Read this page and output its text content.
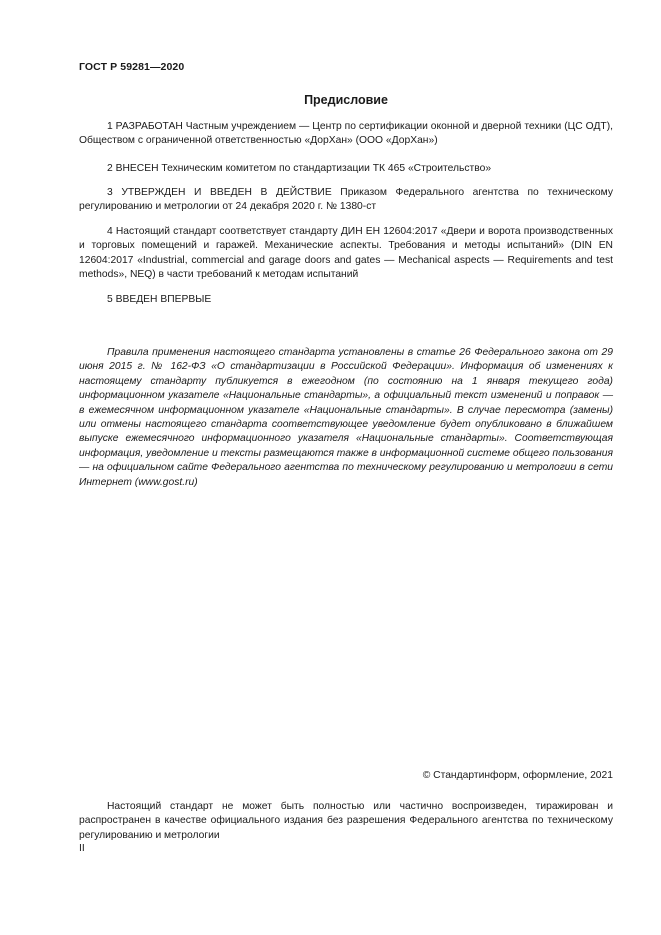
ГОСТ Р 59281—2020
Предисловие

1 РАЗРАБОТАН Частным учреждением — Центр по сертификации оконной и дверной техники (ЦС ОДТ), Обществом с ограниченной ответственностью «ДорХан» (ООО «ДорХан»)

2 ВНЕСЕН Техническим комитетом по стандартизации ТК 465 «Строительство»

3 УТВЕРЖДЕН И ВВЕДЕН В ДЕЙСТВИЕ Приказом Федерального агентства по техническому регулированию и метрологии от 24 декабря 2020 г. № 1380-ст

4 Настоящий стандарт соответствует стандарту ДИН ЕН 12604:2017 «Двери и ворота производственных и торговых помещений и гаражей. Механические аспекты. Требования и методы испытаний» (DIN EN 12604:2017 «Industrial, commercial and garage doors and gates — Mechanical aspects — Requirements and test methods», NEQ) в части требований к методам испытаний

5 ВВЕДЕН ВПЕРВЫЕ

Правила применения настоящего стандарта установлены в статье 26 Федерального закона от 29 июня 2015 г. № 162-ФЗ «О стандартизации в Российской Федерации». Информация об изменениях к настоящему стандарту публикуется в ежегодном (по состоянию на 1 января текущего года) информационном указателе «Национальные стандарты», а официальный текст изменений и поправок — в ежемесячном информационном указателе «Национальные стандарты». В случае пересмотра (замены) или отмены настоящего стандарта соответствующее уведомление будет опубликовано в ближайшем выпуске ежемесячного информационного указателя «Национальные стандарты». Соответствующая информация, уведомление и тексты размещаются также в информационной системе общего пользования — на официальном сайте Федерального агентства по техническому регулированию и метрологии в сети Интернет (www.gost.ru)

© Стандартинформ, оформление, 2021

Настоящий стандарт не может быть полностью или частично воспроизведен, тиражирован и распространен в качестве официального издания без разрешения Федерального агентства по техническому регулированию и метрологии

II
